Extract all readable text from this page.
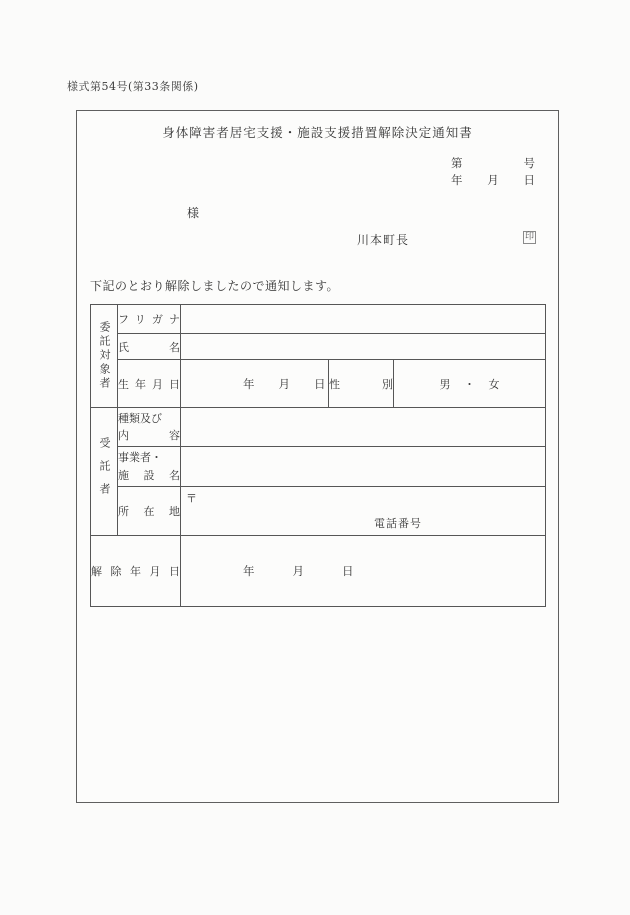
様式第54号(第33条関係)
身体障害者居宅支援・施設支援措置解除決定通知書
第	号
年 月 日
様
川本町長	印
下記のとおり解除しましたので通知します。
委託対象者	フリガナ			
	氏名			
	生年月日	年 月 日	性別	男 ・ 女
受託者	種類及び
内容			

	事業者・
施設名			

	所在地	〒
電話番号		

解除年月日		年 月 日		
